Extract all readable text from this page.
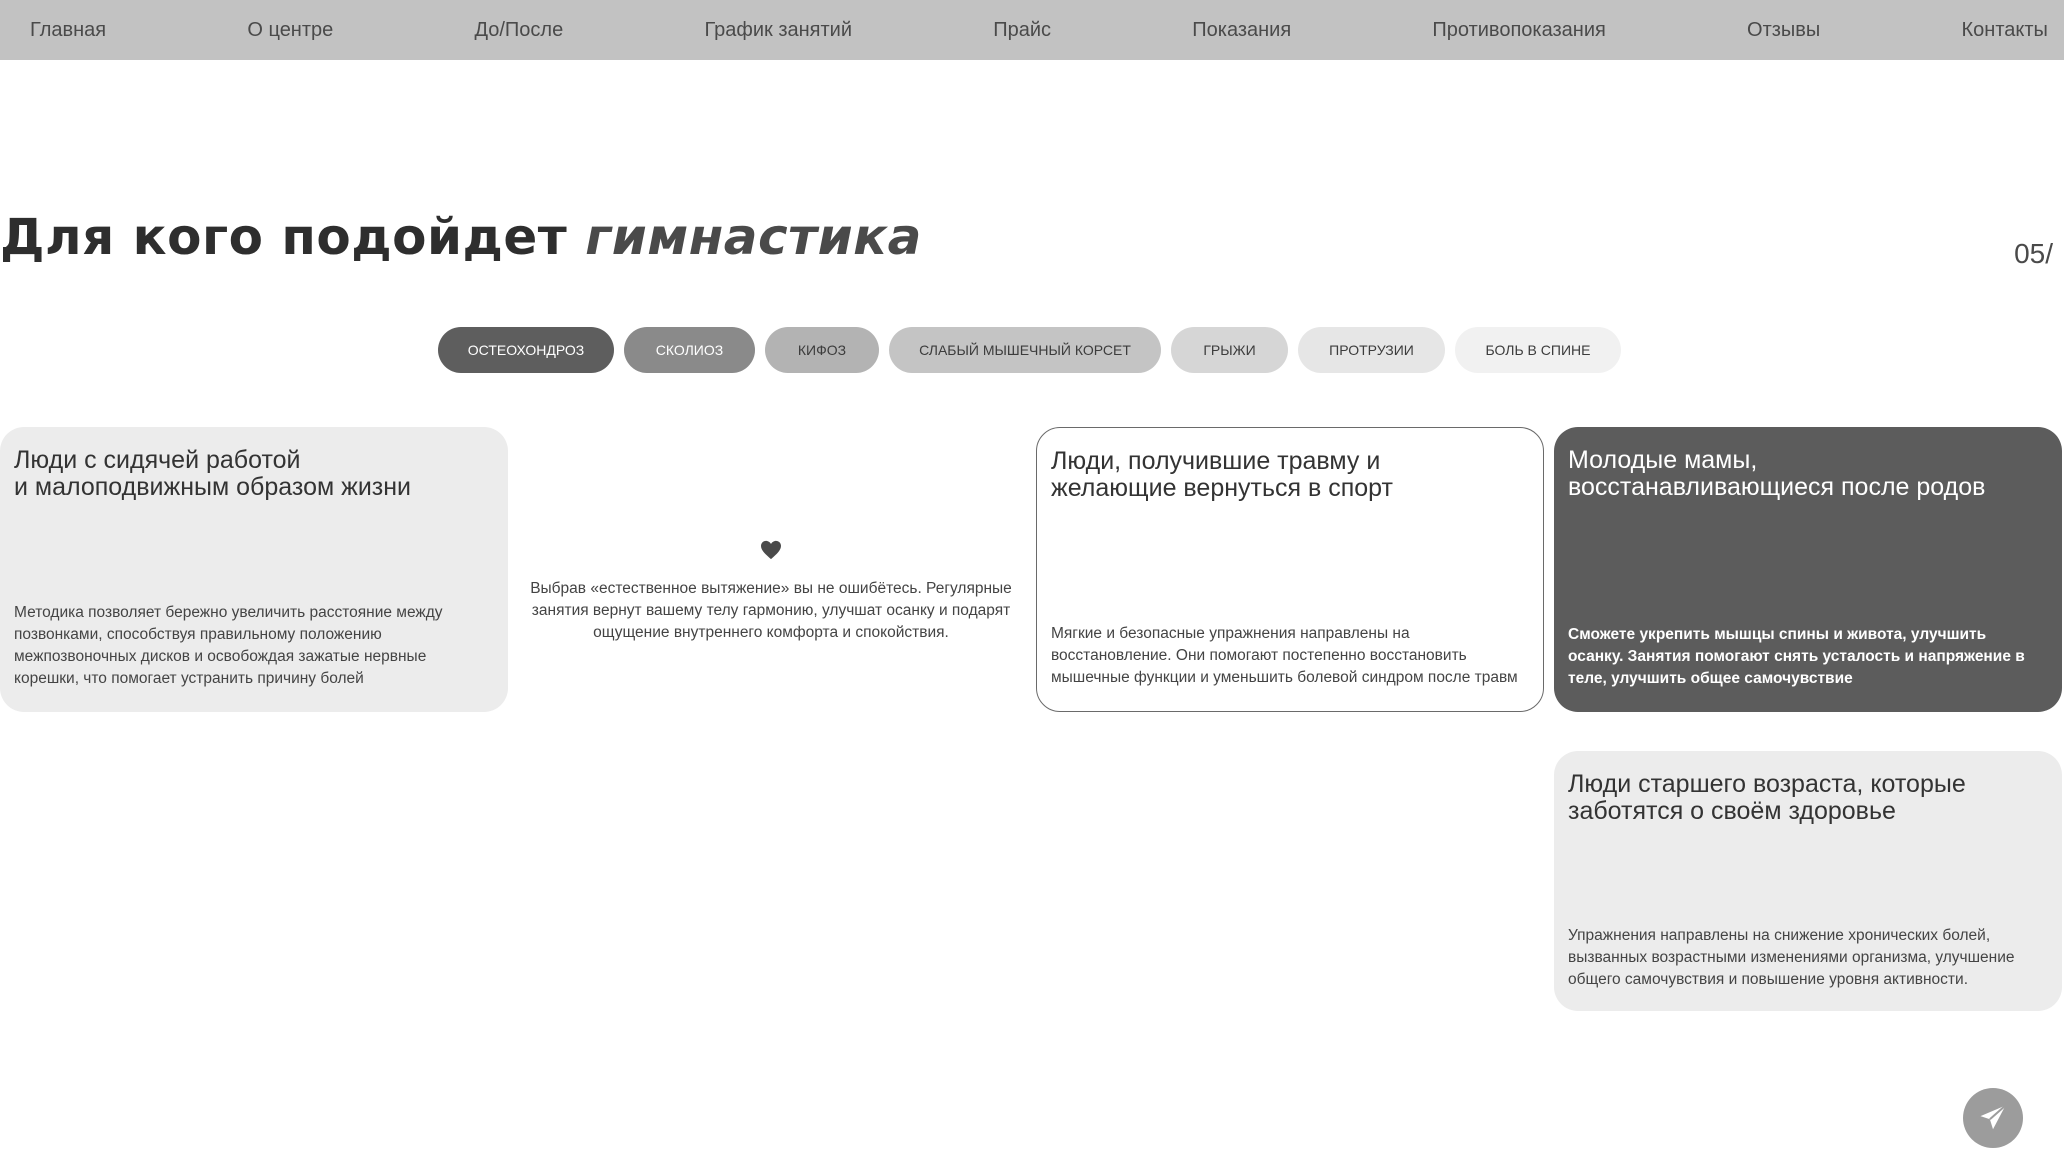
Главная	О центре	До/После	График занятий	Прайс	Показания	Противопоказания	Отзывы	Контакты
Для кого подойдет гимнастика	05/
ОСТЕОХОНДРОЗ	СКОЛИОЗ	КИФОЗ	СЛАБЫЙ МЫШЕЧНЫЙ КОРСЕТ	ГРЫЖИ	ПРОТРУЗИИ	БОЛЬ В СПИНЕ
Люди с сидячей работой
и малоподвижным образом жизни
Методика позволяет бережно увеличить расстояние между позвонками, способствуя правильному положению межпозвоночных дисков и освобождая зажатые нервные корешки, что помогает устранить причину болей
Выбрав «естественное вытяжение» вы не ошибётесь. Регулярные занятия вернут вашему телу гармонию, улучшат осанку и подарят ощущение внутреннего комфорта и спокойствия.
Люди, получившие травму и
желающие вернуться в спорт
Мягкие и безопасные упражнения направлены на восстановление. Они помогают постепенно восстановить мышечные функции и уменьшить болевой синдром после травм
Молодые мамы,
восстанавливающиеся после родов
Сможете укрепить мышцы спины и живота, улучшить осанку. Занятия помогают снять усталость и напряжение в теле, улучшить общее самочувствие
Люди старшего возраста, которые
заботятся о своём здоровье
Упражнения направлены на снижение хронических болей, вызванных возрастными изменениями организма, улучшение общего самочувствия и повышение уровня активности.
